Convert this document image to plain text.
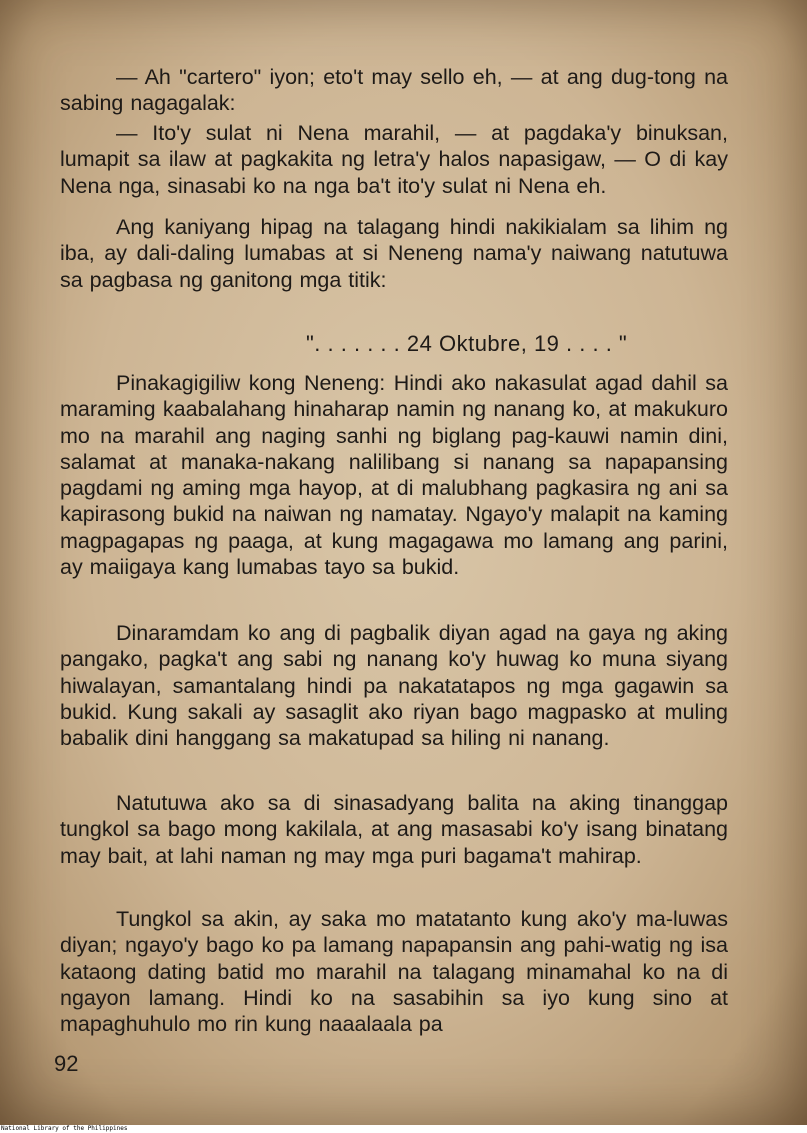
— Ah "cartero" iyon; eto't may sello eh, — at ang dug-tong na sabing nagagalak:

— Ito'y sulat ni Nena marahil, — at pagdaka'y binuksan, lumapit sa ilaw at pagkakita ng letra'y halos napasigaw, — O di kay Nena nga, sinasabi ko na nga ba't ito'y sulat ni Nena eh.

Ang kaniyang hipag na talagang hindi nakikialam sa lihim ng iba, ay dali-daling lumabas at si Neneng nama'y naiwang natutuwa sa pagbasa ng ganitong mga titik:

". . . . . . . 24 Oktubre, 19 . . . . "

Pinakagigiliw kong Neneng: Hindi ako nakasulat agad dahil sa maraming kaabalahang hinaharap namin ng nanang ko, at makukuro mo na marahil ang naging sanhi ng biglang pag-kauwi namin dini, salamat at manaka-nakang nalilibang si nanang sa napapansing pagdami ng aming mga hayop, at di malubhang pagkasira ng ani sa kapirasong bukid na naiwan ng namatay. Ngayo'y malapit na kaming magpagapas ng paaga, at kung magagawa mo lamang ang parini, ay maiigaya kang lumabas tayo sa bukid.

Dinaramdam ko ang di pagbalik diyan agad na gaya ng aking pangako, pagka't ang sabi ng nanang ko'y huwag ko muna siyang hiwalayan, samantalang hindi pa nakatatapos ng mga gagawin sa bukid. Kung sakali ay sasaglit ako riyan bago magpasko at muling babalik dini hanggang sa makatupad sa hiling ni nanang.

Natutuwa ako sa di sinasadyang balita na aking tinanggap tungkol sa bago mong kakilala, at ang masasabi ko'y isang binatang may bait, at lahi naman ng may mga puri bagama't mahirap.

Tungkol sa akin, ay saka mo matatanto kung ako'y ma-luwas diyan; ngayo'y bago ko pa lamang napapansin ang pahi-watig ng isa kataong dating batid mo marahil na talagang minamahal ko na di ngayon lamang. Hindi ko na sasabihin sa iyo kung sino at mapaghuhulo mo rin kung naaalaala pa

92
National Library of the Philippines
